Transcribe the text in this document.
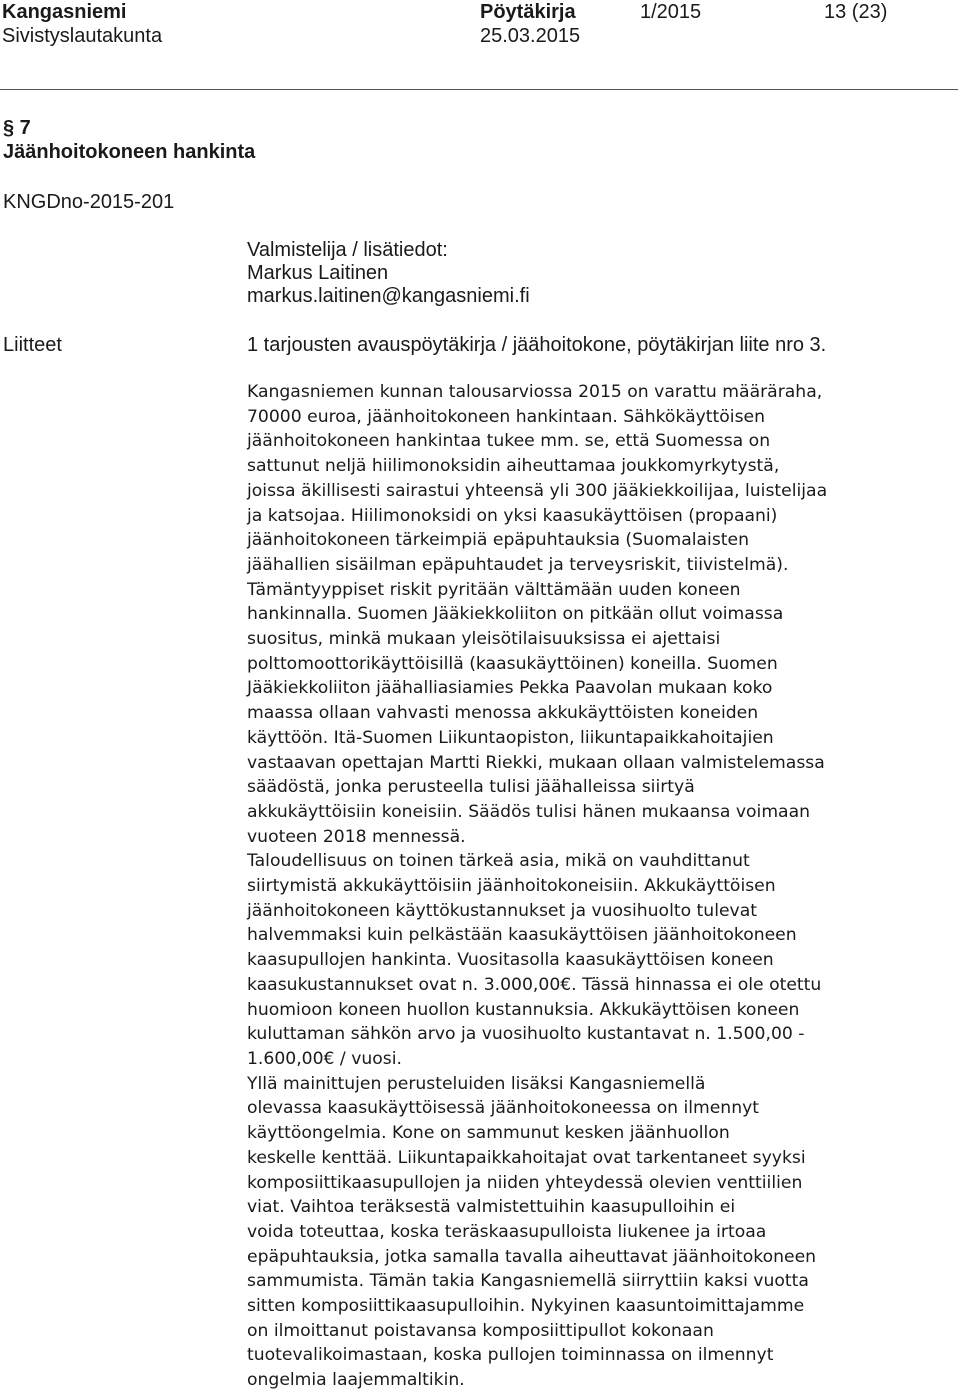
Kangasniemi
Sivistyslautakunta
Pöytäkirja
25.03.2015
1/2015	13 (23)
§ 7
Jäänhoitokoneen hankinta
KNGDno-2015-201
Valmistelija / lisätiedot:
Markus Laitinen
markus.laitinen@kangasniemi.fi
Liitteet	1 tarjousten avauspöytäkirja / jäähoitokone, pöytäkirjan liite nro 3.
Kangasniemen kunnan talousarviossa 2015 on varattu määräraha,
70000 euroa, jäänhoitokoneen hankintaan. Sähkökäyttöisen
jäänhoitokoneen hankintaa tukee mm. se, että Suomessa on
sattunut neljä hiilimonoksidin aiheuttamaa joukkomyrkytystä,
joissa äkillisesti sairastui yhteensä yli 300 jääkiekkoilijaa, luistelijaa
ja katsojaa. Hiilimonoksidi on yksi kaasukäyttöisen (propaani)
jäänhoitokoneen tärkeimpiä epäpuhtauksia (Suomalaisten
jäähallien sisäilman epäpuhtaudet ja terveysriskit, tiivistelmä).
Tämäntyyppiset riskit pyritään välttämään uuden koneen
hankinnalla. Suomen Jääkiekkoliiton on pitkään ollut voimassa
suositus, minkä mukaan yleisötilaisuuksissa ei ajettaisi
polttomoottorikäyttöisillä (kaasukäyttöinen) koneilla. Suomen
Jääkiekkoliiton jäähalliasiamies Pekka Paavolan mukaan koko
maassa ollaan vahvasti menossa akkukäyttöisten koneiden
käyttöön. Itä-Suomen Liikuntaopiston, liikuntapaikkahoitajien
vastaavan opettajan Martti Riekki, mukaan ollaan valmistelemassa
säädöstä, jonka perusteella tulisi jäähalleissa siirtyä
akkukäyttöisiin koneisiin. Säädös tulisi hänen mukaansa voimaan
vuoteen 2018 mennessä.
Taloudellisuus on toinen tärkeä asia, mikä on vauhdittanut
siirtymistä akkukäyttöisiin jäänhoitokoneisiin. Akkukäyttöisen
jäänhoitokoneen käyttökustannukset ja vuosihuolto tulevat
halvemmaksi kuin pelkästään kaasukäyttöisen jäänhoitokoneen
kaasupullojen hankinta. Vuositasolla kaasukäyttöisen koneen
kaasukustannukset ovat n. 3.000,00€. Tässä hinnassa ei ole otettu
huomioon koneen huollon kustannuksia. Akkukäyttöisen koneen
kuluttaman sähkön arvo ja vuosihuolto kustantavat n. 1.500,00 -
1.600,00€ / vuosi.
Yllä mainittujen perusteluiden lisäksi Kangasniemellä
olevassa kaasukäyttöisessä jäänhoitokoneessa on ilmennyt
käyttöongelmia. Kone on sammunut kesken jäänhuollon
keskelle kenttää. Liikuntapaikkahoitajat ovat tarkentaneet syyksi
komposiittikaasupullojen ja niiden yhteydessä olevien venttiilien
viat. Vaihtoa teräksestä valmistettuihin kaasupulloihin ei
voida toteuttaa, koska teräskaasupulloista liukenee ja irtoaa
epäpuhtauksia, jotka samalla tavalla aiheuttavat jäänhoitokoneen
sammumista. Tämän takia Kangasniemellä siirryttiin kaksi vuotta
sitten komposiittikaasupulloihin. Nykyinen kaasuntoimittajamme
on ilmoittanut poistavansa komposiittipullot kokonaan
tuotevalikoimastaan, koska pullojen toiminnassa on ilmennyt
ongelmia laajemmaltikin.
